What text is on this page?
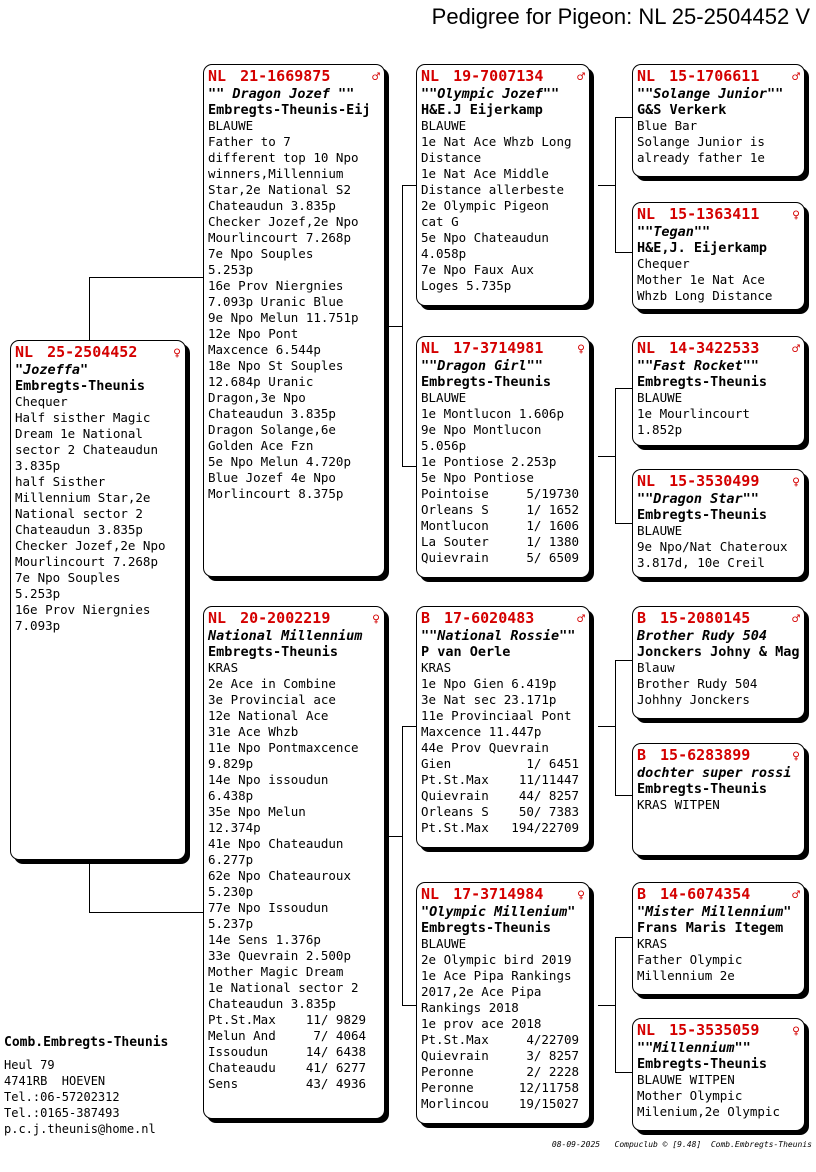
Pedigree for Pigeon: NL 25-2504452 V
NL 25-2504452	♀
"Jozeffa"
Embregts-Theunis
Chequer
Half sisther Magic
Dream 1e National
sector 2 Chateaudun
3.835p
half Sisther
Millennium Star,2e
National sector 2
Chateaudun 3.835p
Checker Jozef,2e Npo
Mourlincourt 7.268p
7e Npo Souples
5.253p
16e Prov Niergnies
7.093p
NL 21-1669875	♂
"" Dragon Jozef ""
Embregts-Theunis-Eij
BLAUWE
Father to 7
different top 10 Npo
winners,Millennium
Star,2e National S2
Chateaudun 3.835p
Checker Jozef,2e Npo
Mourlincourt 7.268p
7e Npo Souples
5.253p
16e Prov Niergnies
7.093p Uranic Blue
9e Npo Melun 11.751p
12e Npo Pont
Maxcence 6.544p
18e Npo St Souples
12.684p Uranic
Dragon,3e Npo
Chateaudun 3.835p
Dragon Solange,6e
Golden Ace Fzn
5e Npo Melun 4.720p
Blue Jozef 4e Npo
Morlincourt 8.375p
NL 20-2002219	♀
National Millennium
Embregts-Theunis
KRAS
2e Ace in Combine
3e Provincial ace
12e National Ace
31e Ace Whzb
11e Npo Pontmaxcence
9.829p
14e Npo issoudun
6.438p
35e Npo Melun
12.374p
41e Npo Chateaudun
6.277p
62e Npo Chateauroux
5.230p
77e Npo Issoudun
5.237p
14e Sens 1.376p
33e Quevrain 2.500p
Mother Magic Dream
1e National sector 2
Chateaudun 3.835p
Pt.St.Max    11/ 9829
Melun And     7/ 4064
Issoudun     14/ 6438
Chateaudu    41/ 6277
Sens         43/ 4936
NL 19-7007134	♂
""Olympic Jozef""
H&E.J Eijerkamp
BLAUWE
1e Nat Ace Whzb Long
Distance
1e Nat Ace Middle
Distance allerbeste
2e Olympic Pigeon
cat G
5e Npo Chateaudun
4.058p
7e Npo Faux Aux
Loges 5.735p
NL 17-3714981	♀
""Dragon Girl""
Embregts-Theunis
BLAUWE
1e Montlucon 1.606p
9e Npo Montlucon
5.056p
1e Pontiose 2.253p
5e Npo Pontiose
Pointoise     5/19730
Orleans S     1/ 1652
Montlucon     1/ 1606
La Souter     1/ 1380
Quievrain     5/ 6509
B 17-6020483	♂
""National Rossie""
P van Oerle
KRAS
1e Npo Gien 6.419p
3e Nat sec 23.171p
11e Provinciaal Pont
Maxcence 11.447p
44e Prov Quevrain
Gien          1/ 6451
Pt.St.Max    11/11447
Quievrain    44/ 8257
Orleans S    50/ 7383
Pt.St.Max   194/22709
NL 17-3714984	♀
"Olympic Millenium"
Embregts-Theunis
BLAUWE
2e Olympic bird 2019
1e Ace Pipa Rankings
2017,2e Ace Pipa
Rankings 2018
1e prov ace 2018
Pt.St.Max     4/22709
Quievrain     3/ 8257
Peronne       2/ 2228
Peronne      12/11758
Morlincou    19/15027
NL 15-1706611	♂
""Solange Junior""
G&S Verkerk
Blue Bar
Solange Junior is
already father 1e
NL 15-1363411	♀
""Tegan""
H&E,J. Eijerkamp
Chequer
Mother 1e Nat Ace
Whzb Long Distance
NL 14-3422533	♂
""Fast Rocket""
Embregts-Theunis
BLAUWE
1e Mourlincourt
1.852p
NL 15-3530499	♀
""Dragon Star""
Embregts-Theunis
BLAUWE
9e Npo/Nat Chateroux
3.817d, 10e Creil
B 15-2080145	♂
Brother Rudy 504
Jonckers Johny & Mag
Blauw
Brother Rudy 504
Johhny Jonckers
B 15-6283899	♀
dochter super rossi
Embregts-Theunis
KRAS WITPEN
B 14-6074354	♂
"Mister Millennium"
Frans Maris Itegem
KRAS
Father Olympic
Millennium 2e
NL 15-3535059	♀
""Millennium""
Embregts-Theunis
BLAUWE WITPEN
Mother Olympic
Milenium,2e Olympic
Comb.Embregts-Theunis
Heul 79
4741RB  HOEVEN
Tel.:06-57202312
Tel.:0165-387493
p.c.j.theunis@home.nl
08-09-2025   Compuclub © [9.48]  Comb.Embregts-Theunis
